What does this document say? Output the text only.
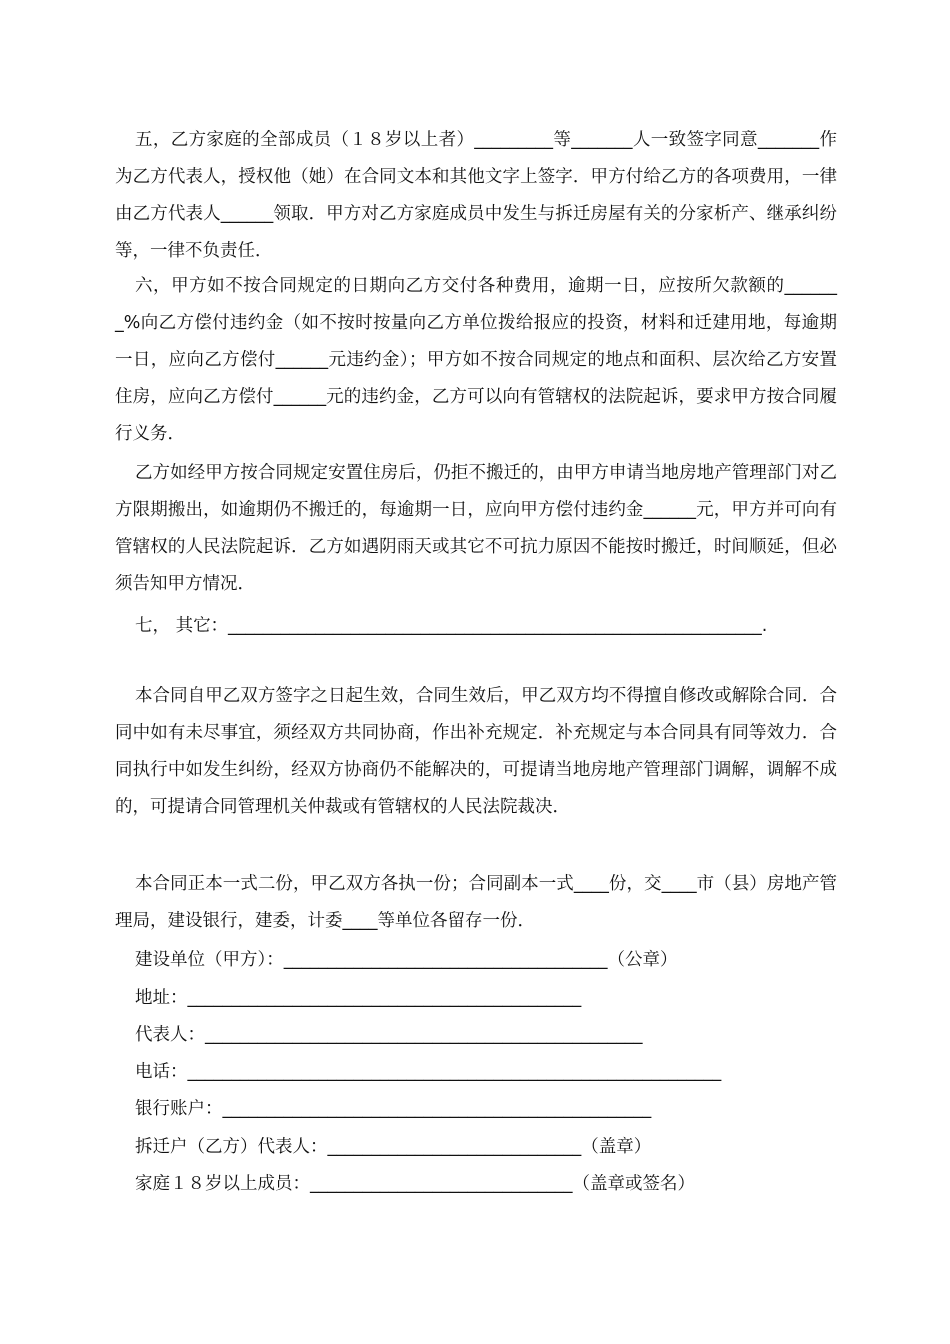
五，乙方家庭的全部成员（１８岁以上者）_________等_______人一致签字同意_______作为乙方代表人，授权他（她）在合同文本和其他文字上签字．甲方付给乙方的各项费用，一律由乙方代表人______领取．甲方对乙方家庭成员中发生与拆迁房屋有关的分家析产、继承纠纷等，一律不负责任．
六，甲方如不按合同规定的日期向乙方交付各种费用，逾期一日，应按所欠款额的_______%向乙方偿付违约金（如不按时按量向乙方单位拨给报应的投资，材料和迁建用地，每逾期一日，应向乙方偿付______元违约金）；甲方如不按合同规定的地点和面积、层次给乙方安置住房，应向乙方偿付______元的违约金，乙方可以向有管辖权的法院起诉，要求甲方按合同履行义务．
乙方如经甲方按合同规定安置住房后，仍拒不搬迁的，由甲方申请当地房地产管理部门对乙方限期搬出，如逾期仍不搬迁的，每逾期一日，应向甲方偿付违约金______元，甲方并可向有管辖权的人民法院起诉．乙方如遇阴雨天或其它不可抗力原因不能按时搬迁，时间顺延，但必须告知甲方情况．
七， 其它：_____________________________________________________________.
本合同自甲乙双方签字之日起生效，合同生效后，甲乙双方均不得擅自修改或解除合同．合同中如有未尽事宜，须经双方共同协商，作出补充规定．补充规定与本合同具有同等效力．合同执行中如发生纠纷，经双方协商仍不能解决的，可提请当地房地产管理部门调解，调解不成的，可提请合同管理机关仲裁或有管辖权的人民法院裁决．
本合同正本一式二份，甲乙双方各执一份；合同副本一式____份，交____市（县）房地产管理局，建设银行，建委，计委____等单位各留存一份．
建设单位（甲方）：_____________________________________（公章）
地址：_____________________________________________
代表人：__________________________________________________
电话：_____________________________________________________________
银行账户：_________________________________________________
拆迁户（乙方）代表人：_____________________________（盖章）
家庭１８岁以上成员：______________________________（盖章或签名）
